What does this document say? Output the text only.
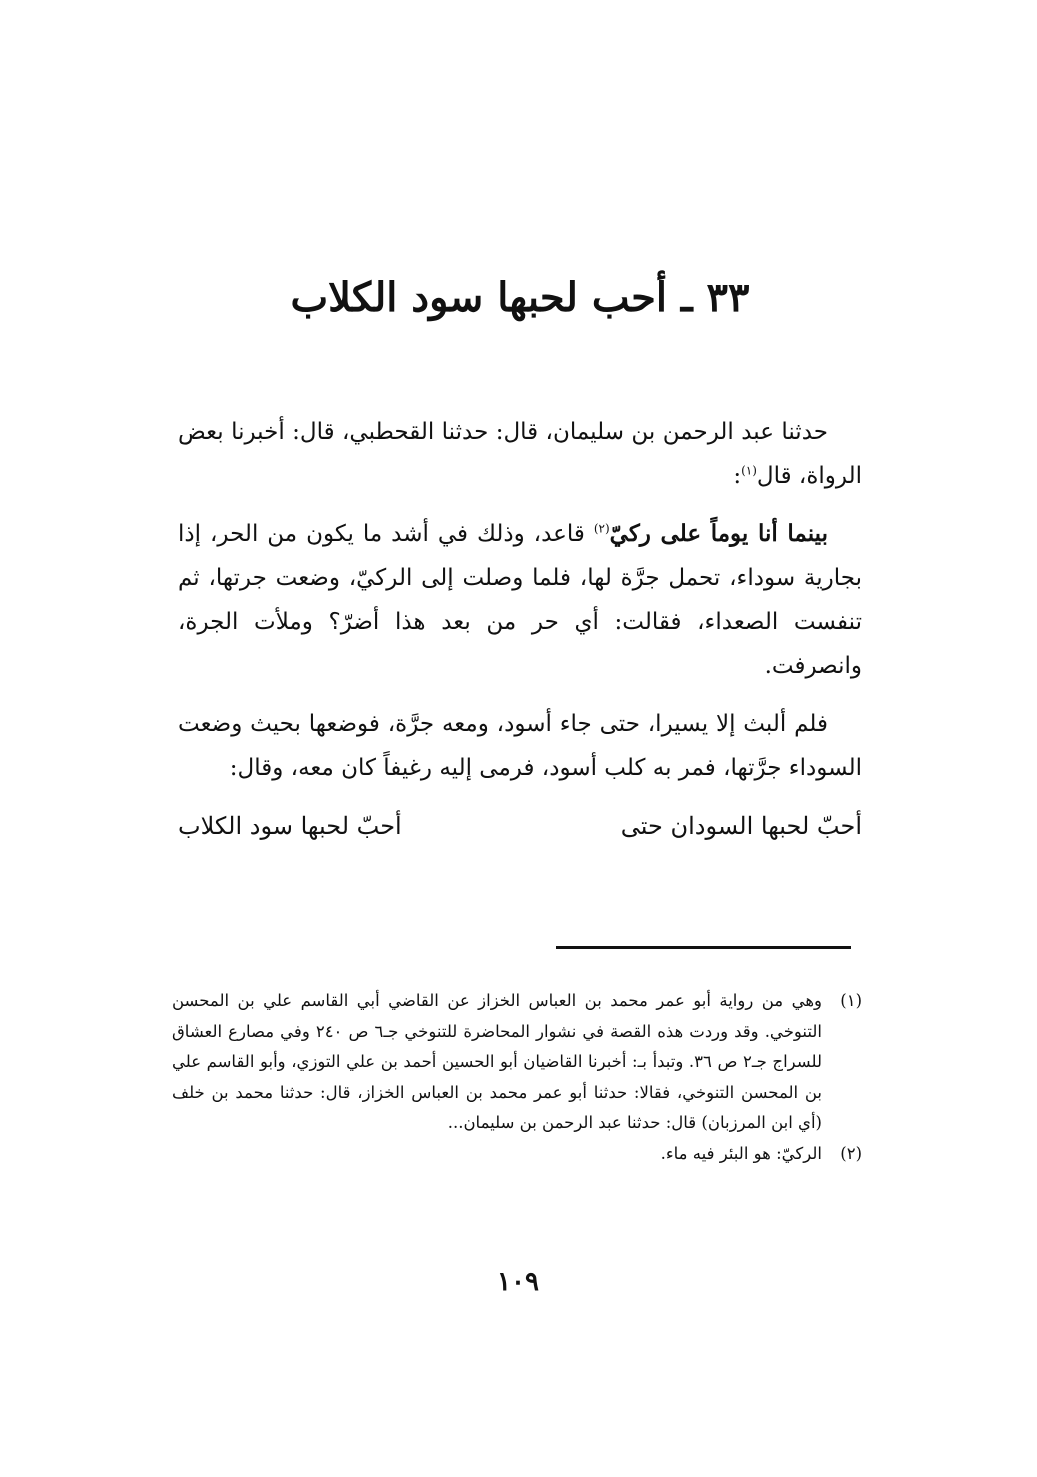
٣٣ ـ أحب لحبها سود الكلاب

حدثنا عبد الرحمن بن سليمان، قال: حدثنا القحطبي، قال: أخبرنا بعض الرواة، قال$^{(١)}$:

بينما أنا يوماً على ركيّ$^{(٢)}$ قاعد، وذلك في أشد ما يكون من الحر، إذا بجارية سوداء، تحمل جرَّة لها، فلما وصلت إلى الركيّ، وضعت جرتها، ثم تنفست الصعداء، فقالت: أي حر من بعد هذا أضرّ؟ وملأت الجرة، وانصرفت.

فلم ألبث إلا يسيرا، حتى جاء أسود، ومعه جرَّة، فوضعها بحيث وضعت السوداء جرَّتها، فمر به كلب أسود، فرمى إليه رغيفاً كان معه، وقال:

أحبّ لحبها السودان حتى
أحبّ لحبها سود الكلاب
(١)
وهي من رواية أبو عمر محمد بن العباس الخزاز عن القاضي أبي القاسم علي بن المحسن التنوخي. وقد وردت هذه القصة في نشوار المحاضرة للتنوخي جـ٦ ص ٢٤٠ وفي مصارع العشاق للسراج جـ٢ ص ٣٦. وتبدأ بـ: أخبرنا القاضيان أبو الحسين أحمد بن علي التوزي، وأبو القاسم علي بن المحسن التنوخي، فقالا: حدثنا أبو عمر محمد بن العباس الخزاز، قال: حدثنا محمد بن خلف (أي ابن المرزبان) قال: حدثنا عبد الرحمن بن سليمان...
(٢)
الركيّ: هو البئر فيه ماء.
١٠٩
